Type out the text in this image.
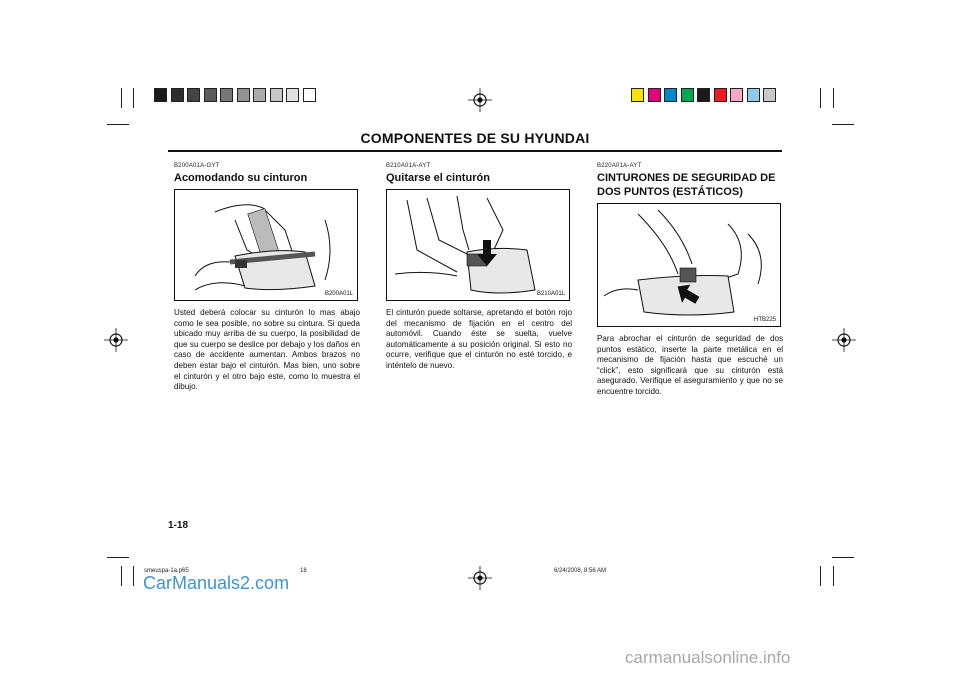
COMPONENTES DE SU HYUNDAI
B200A01A-GYT
Acomodando su cinturon
B200A01L
Usted deberá colocar su cinturón lo mas abajo como le sea posible, no sobre su cintura. Si queda ubicado muy arriba de su cuerpo, la posibilidad de que su cuerpo se deslice por debajo y los daños en caso de accidente aumentan. Ambos brazos no deben estar bajo el cinturón. Mas bien, uno sobre el cinturón y el otro bajo este, como lo muestra el dibujo.
B210A01A-AYT
Quitarse el cinturón
B210A01L
El cinturón puede soltarse, apretando el botón rojo del mecanismo de fijación en el centro del automóvil. Cuando éste se suelta, vuelve automáticamente a su posición original. Si esto no ocurre, verifique que el cinturón no esté torcido, e inténtelo de nuevo.
B220A01A-AYT
CINTURONES DE SEGURIDAD DE DOS PUNTOS (ESTÁTICOS)
HTB225
Para abrochar el cinturón de seguridad de dos puntos estático, inserte la parte metálica en el mecanismo de fijación hasta que escuché un “click”, esto significará que su cinturón está asegurado. Verifique el aseguramiento y que no se encuentre torcido.
1-18
smeuspa-1a.p65	18	6/24/2008, 8:56 AM
CarManuals2.com
carmanualsonline.info
